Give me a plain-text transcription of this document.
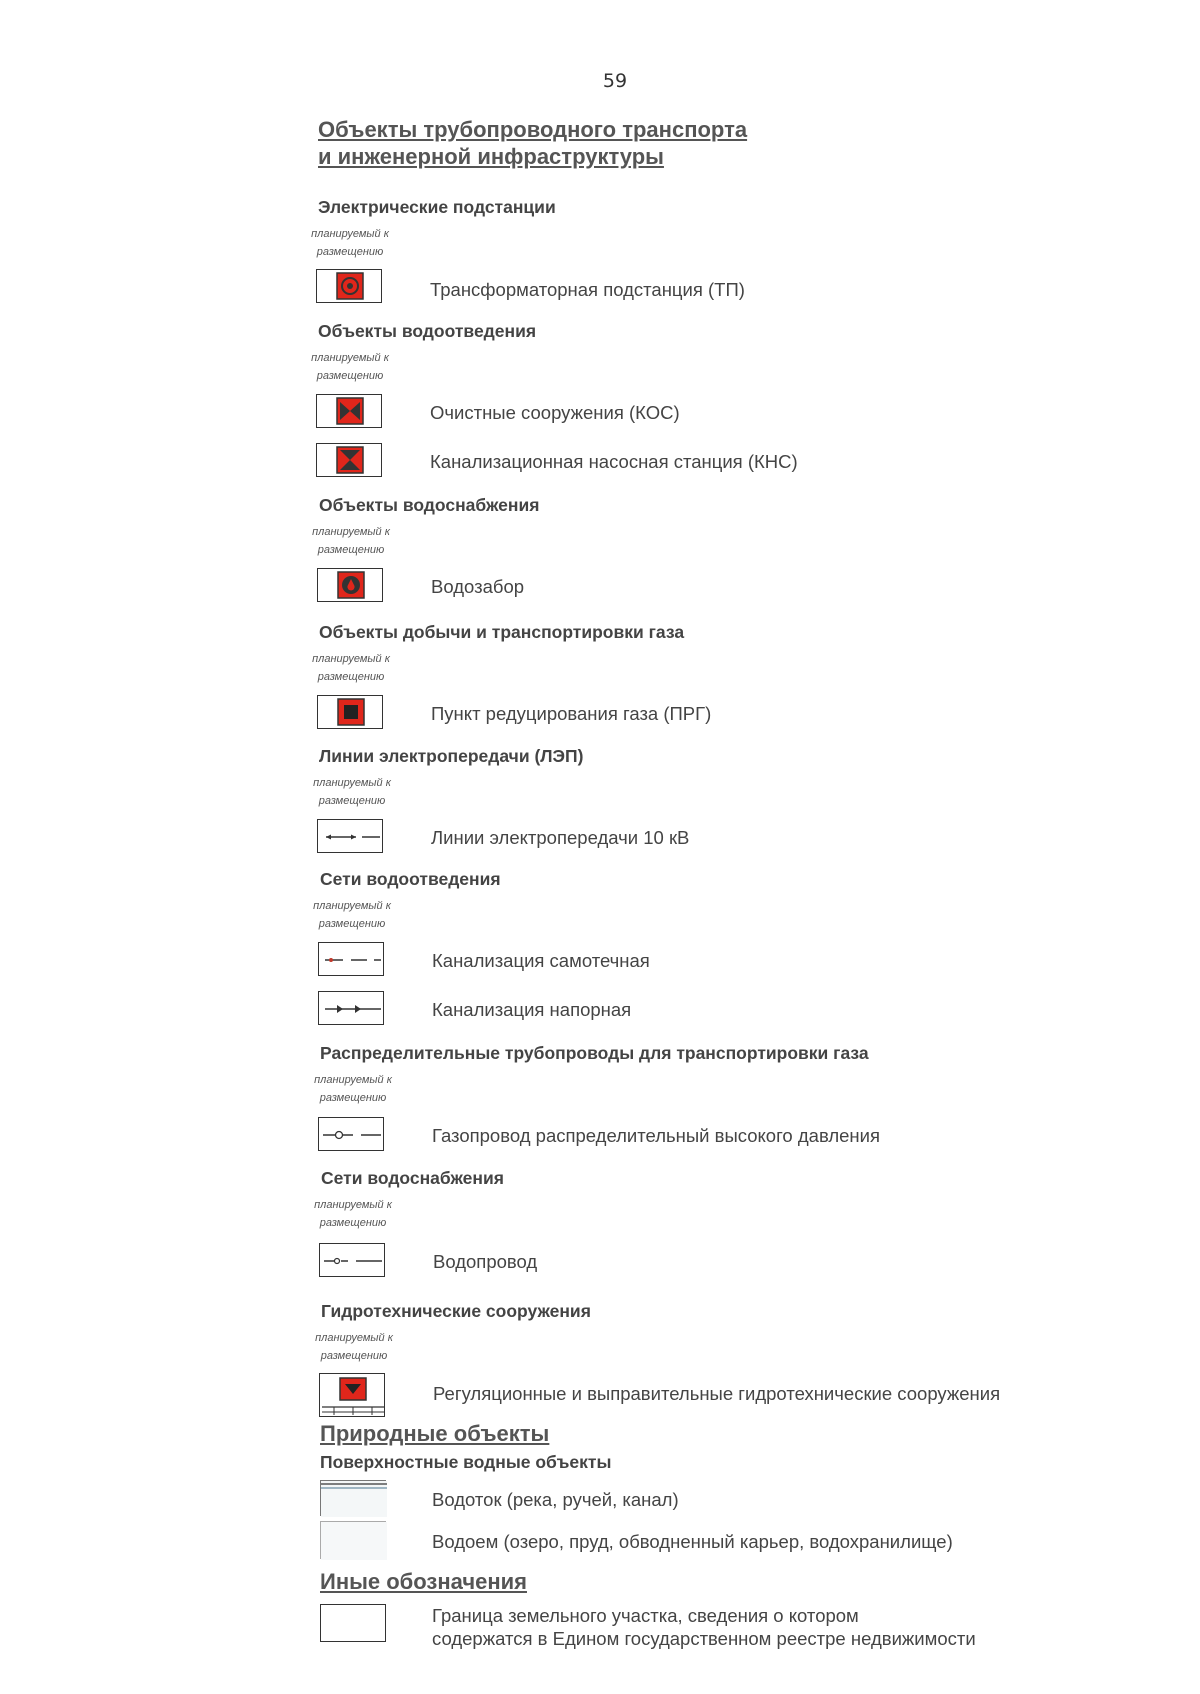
59
Объекты трубопроводного транспорта
и инженерной инфраструктуры
Электрические подстанции
планируемый к
размещению
Трансформаторная подстанция (ТП)
Объекты водоотведения
планируемый к
размещению
Очистные сооружения (КОС)
Канализационная насосная станция (КНС)
Объекты водоснабжения
планируемый к
размещению
Водозабор
Объекты добычи и транспортировки газа
планируемый к
размещению
Пункт редуцирования газа (ПРГ)
Линии электропередачи (ЛЭП)
планируемый к
размещению
Линии электропередачи 10 кВ
Сети водоотведения
планируемый к
размещению
Канализация самотечная
Канализация напорная
Распределительные трубопроводы для транспортировки газа
планируемый к
размещению
Газопровод распределительный высокого давления
Сети водоснабжения
планируемый к
размещению
Водопровод
Гидротехнические сооружения
планируемый к
размещению
Регуляционные и выправительные гидротехнические сооружения
Природные объекты
Поверхностные водные объекты
Водоток (река, ручей, канал)
Водоем (озеро, пруд, обводненный карьер, водохранилище)
Иные обозначения
Граница земельного участка, сведения о котором
содержатся в Едином государственном реестре недвижимости
